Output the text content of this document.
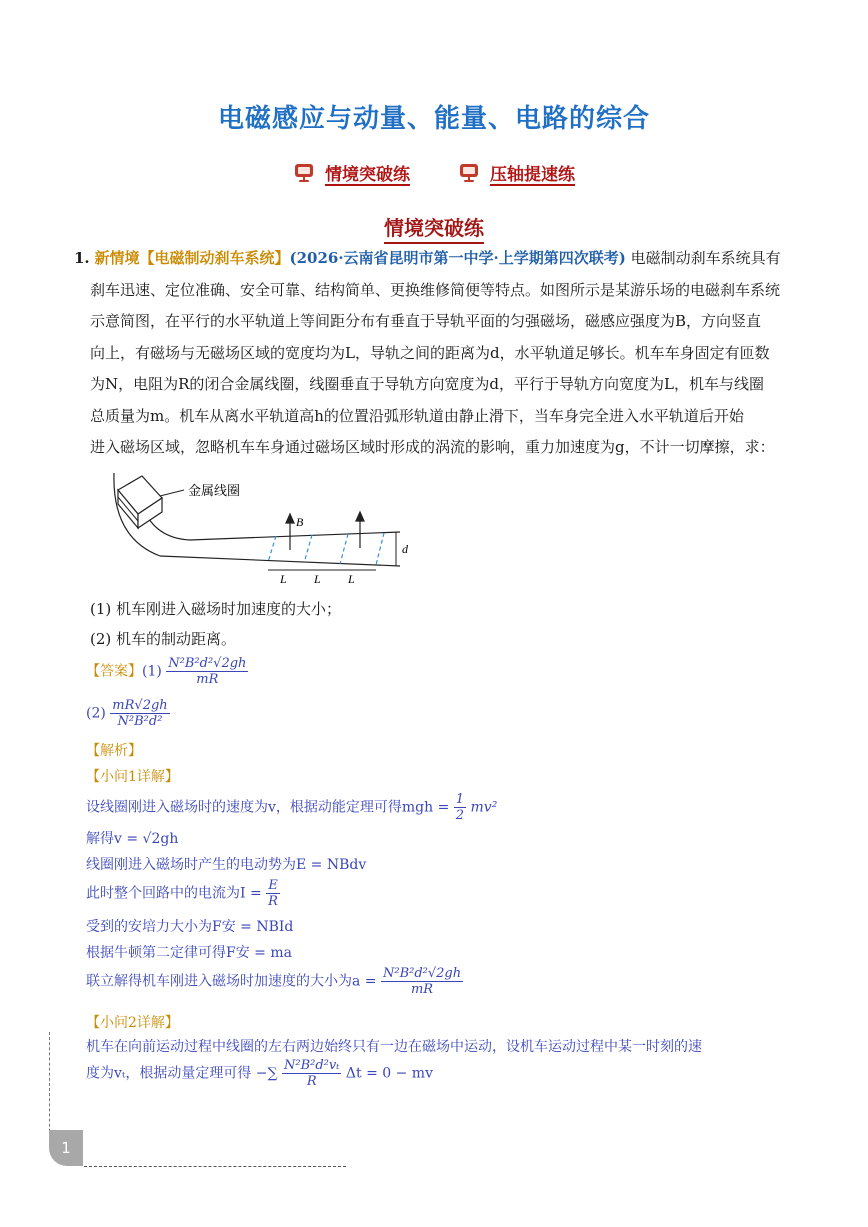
电磁感应与动量、能量、电路的综合
情境突破练	压轴提速练
情境突破练
1. 新情境【电磁制动刹车系统】(2026·云南省昆明市第一中学·上学期第四次联考) 电磁制动刹车系统具有
刹车迅速、定位准确、安全可靠、结构简单、更换维修简便等特点。如图所示是某游乐场的电磁刹车系统
示意简图，在平行的水平轨道上等间距分布有垂直于导轨平面的匀强磁场，磁感应强度为B，方向竖直
向上，有磁场与无磁场区域的宽度均为L，导轨之间的距离为d，水平轨道足够长。机车车身固定有匝数
为N，电阻为R的闭合金属线圈，线圈垂直于导轨方向宽度为d，平行于导轨方向宽度为L，机车与线圈
总质量为m。机车从离水平轨道高h的位置沿弧形轨道由静止滑下，当车身完全进入水平轨道后开始
进入磁场区域，忽略机车车身通过磁场区域时形成的涡流的影响，重力加速度为g，不计一切摩擦，求：
金属线圈
B
d
L L L
(1) 机车刚进入磁场时加速度的大小；
(2) 机车的制动距离。
【答案】$(1) \frac{\text{N²B²d²√2gh}}{mR}$
$(2) \frac{mR√2gh}{\text{N²B²d²}}$
【解析】
【小问1详解】
设线圈刚进入磁场时的速度为v，根据动能定理可得mgh = $\frac{1}{2} mv^2$
解得v = √2gh
线圈刚进入磁场时产生的电动势为E = NBdv
此时整个回路中的电流为$I = \frac{E}{R}$
受到的安培力大小为F安 = NBId
根据牛顿第二定律可得F安 = ma
联立解得机车刚进入磁场时加速度的大小为$a = \frac{\text{N²B²d²√2gh}}{mR}$
【小问2详解】
机车在向前运动过程中线圈的左右两边始终只有一边在磁场中运动，设机车运动过程中某一时刻的速
度为vₜ，根据动量定理可得 −∑ $\frac{\text{N²B²d²vₜ}}{R}$ Δt = 0 − mv
1
